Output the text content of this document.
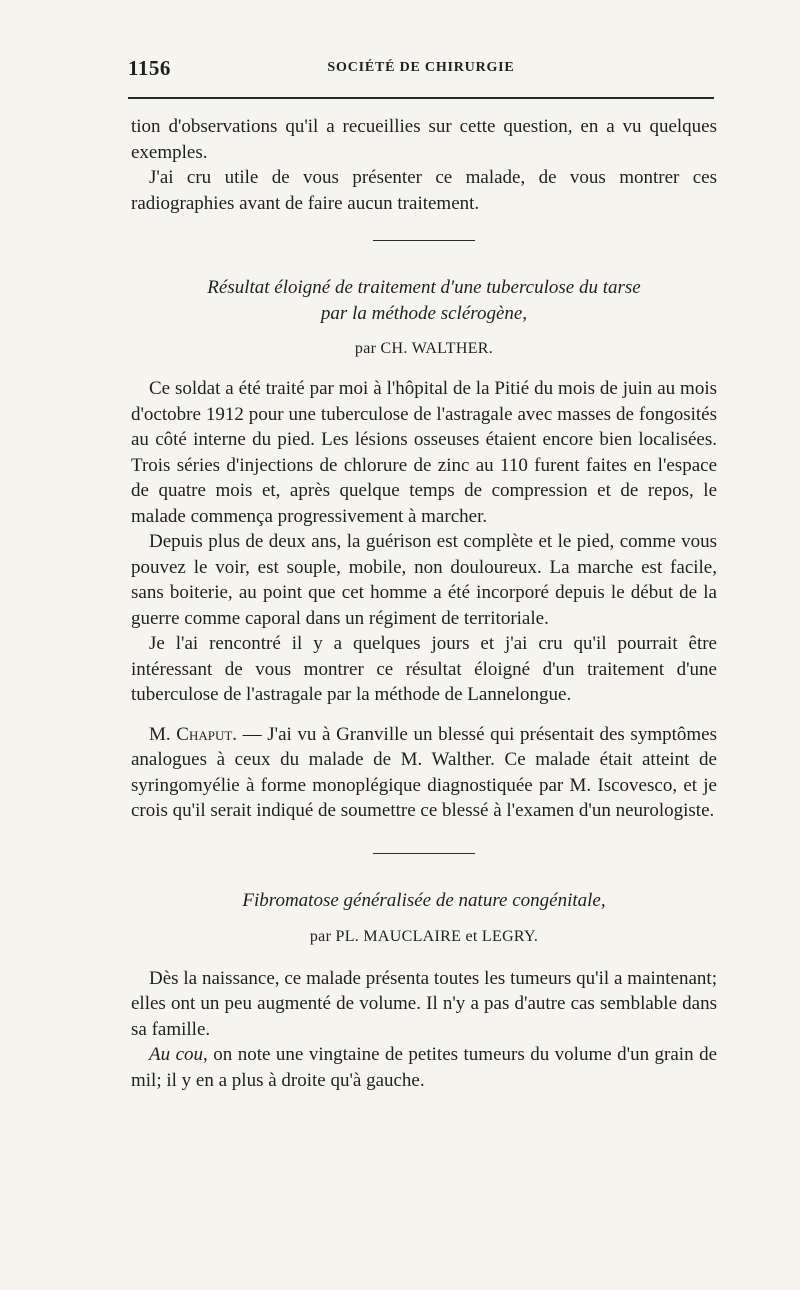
1156	SOCIÉTÉ DE CHIRURGIE

tion d'observations qu'il a recueillies sur cette question, en a vu quelques exemples.

J'ai cru utile de vous présenter ce malade, de vous montrer ces radiographies avant de faire aucun traitement.

Résultat éloigné de traitement d'une tuberculose du tarse
par la méthode sclérogène,
par CH. WALTHER.

Ce soldat a été traité par moi à l'hôpital de la Pitié du mois de juin au mois d'octobre 1912 pour une tuberculose de l'astragale avec masses de fongosités au côté interne du pied. Les lésions osseuses étaient encore bien localisées. Trois séries d'injections de chlorure de zinc au 110 furent faites en l'espace de quatre mois et, après quelque temps de compression et de repos, le malade commença progressivement à marcher.

Depuis plus de deux ans, la guérison est complète et le pied, comme vous pouvez le voir, est souple, mobile, non douloureux. La marche est facile, sans boiterie, au point que cet homme a été incorporé depuis le début de la guerre comme caporal dans un régiment de territoriale.

Je l'ai rencontré il y a quelques jours et j'ai cru qu'il pourrait être intéressant de vous montrer ce résultat éloigné d'un traitement d'une tuberculose de l'astragale par la méthode de Lannelongue.

M. Chaput. — J'ai vu à Granville un blessé qui présentait des symptômes analogues à ceux du malade de M. Walther. Ce malade était atteint de syringomyélie à forme monoplégique diagnostiquée par M. Iscovesco, et je crois qu'il serait indiqué de soumettre ce blessé à l'examen d'un neurologiste.

Fibromatose généralisée de nature congénitale,
par PL. MAUCLAIRE et LEGRY.

Dès la naissance, ce malade présenta toutes les tumeurs qu'il a maintenant; elles ont un peu augmenté de volume. Il n'y a pas d'autre cas semblable dans sa famille.

Au cou, on note une vingtaine de petites tumeurs du volume d'un grain de mil; il y en a plus à droite qu'à gauche.
